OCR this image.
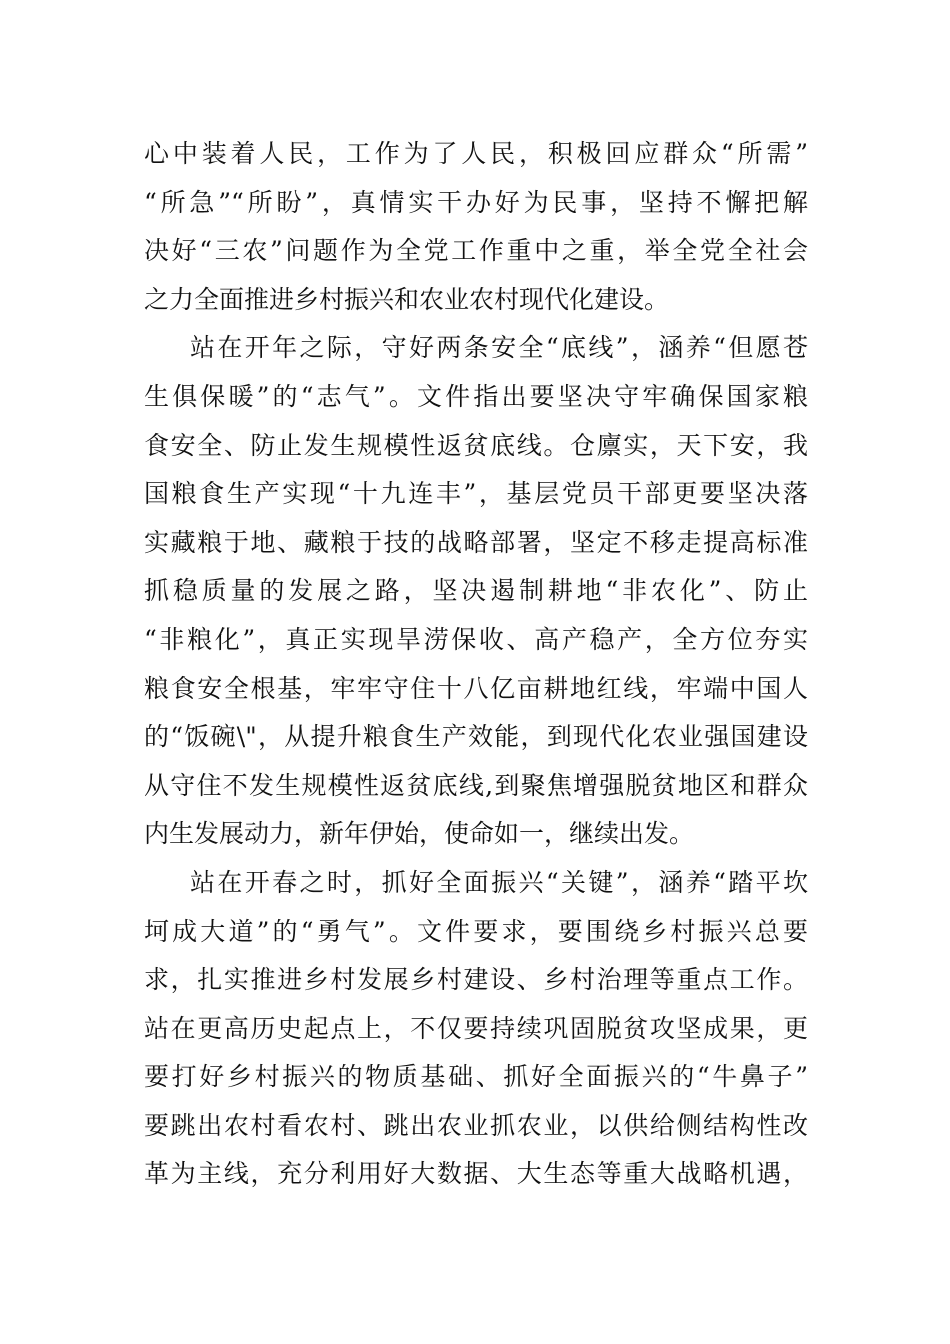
心中装着人民，工作为了人民，积极回应群众“所需”
“所急”“所盼”，真情实干办好为民事，坚持不懈把解
决好“三农”问题作为全党工作重中之重，举全党全社会
之力全面推进乡村振兴和农业农村现代化建设。
站在开年之际，守好两条安全“底线”，涵养“但愿苍
生俱保暖”的“志气”。文件指出要坚决守牢确保国家粮
食安全、防止发生规模性返贫底线。仓廪实，天下安，我
国粮食生产实现“十九连丰”，基层党员干部更要坚决落
实藏粮于地、藏粮于技的战略部署，坚定不移走提高标准
抓稳质量的发展之路，坚决遏制耕地“非农化”、防止
“非粮化”，真正实现旱涝保收、高产稳产，全方位夯实
粮食安全根基，牢牢守住十八亿亩耕地红线，牢端中国人
的“饭碗\"，从提升粮食生产效能，到现代化农业强国建设
从守住不发生规模性返贫底线,到聚焦增强脱贫地区和群众
内生发展动力，新年伊始，使命如一，继续出发。
站在开春之时，抓好全面振兴“关键”，涵养“踏平坎
坷成大道”的“勇气”。文件要求，要围绕乡村振兴总要
求，扎实推进乡村发展乡村建设、乡村治理等重点工作。
站在更高历史起点上，不仅要持续巩固脱贫攻坚成果，更
要打好乡村振兴的物质基础、抓好全面振兴的“牛鼻子”
要跳出农村看农村、跳出农业抓农业，以供给侧结构性改
革为主线，充分利用好大数据、大生态等重大战略机遇，
